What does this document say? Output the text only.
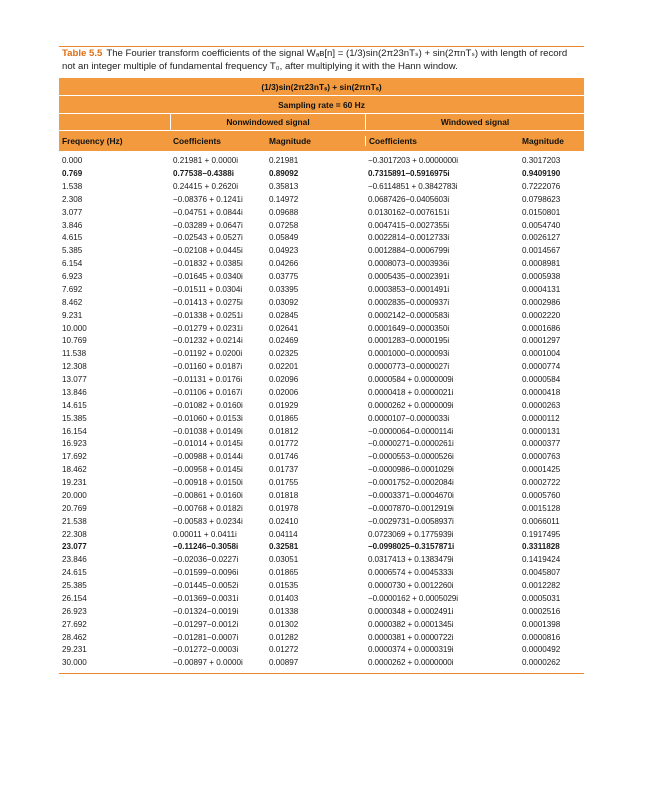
Table 5.5 The Fourier transform coefficients of the signal Wₐʙ[n] = (1/3)sin(2π23nTₛ) + sin(2πnTₛ) with length of record not an integer multiple of fundamental frequency T₀, after multiplying it with the Hann window.
(1/3)sin(2π23nTₛ) + sin(2πnTₛ)
Sampling rate = 60 Hz
Nonwindowed signal	Windowed signal
Frequency (Hz)	Coefficients	Magnitude	Coefficients	Magnitude
0.000	0.21981 + 0.0000i	0.21981	−0.3017203 + 0.0000000i	0.3017203
0.769	0.77538−0.4388i	0.89092	0.7315891−0.5916975i	0.9409190
1.538	0.24415 + 0.2620i	0.35813	−0.6114851 + 0.3842783i	0.7222076
2.308	−0.08376 + 0.1241i	0.14972	0.0687426−0.0405603i	0.0798623
3.077	−0.04751 + 0.0844i	0.09688	0.0130162−0.0076151i	0.0150801
3.846	−0.03289 + 0.0647i	0.07258	0.0047415−0.0027355i	0.0054740
4.615	−0.02543 + 0.0527i	0.05849	0.0022814−0.0012733i	0.0026127
5.385	−0.02108 + 0.0445i	0.04923	0.0012884−0.0006799i	0.0014567
6.154	−0.01832 + 0.0385i	0.04266	0.0008073−0.0003936i	0.0008981
6.923	−0.01645 + 0.0340i	0.03775	0.0005435−0.0002391i	0.0005938
7.692	−0.01511 + 0.0304i	0.03395	0.0003853−0.0001491i	0.0004131
8.462	−0.01413 + 0.0275i	0.03092	0.0002835−0.0000937i	0.0002986
9.231	−0.01338 + 0.0251i	0.02845	0.0002142−0.0000583i	0.0002220
10.000	−0.01279 + 0.0231i	0.02641	0.0001649−0.0000350i	0.0001686
10.769	−0.01232 + 0.0214i	0.02469	0.0001283−0.0000195i	0.0001297
11.538	−0.01192 + 0.0200i	0.02325	0.0001000−0.0000093i	0.0001004
12.308	−0.01160 + 0.0187i	0.02201	0.0000773−0.0000027i	0.0000774
13.077	−0.01131 + 0.0176i	0.02096	0.0000584 + 0.0000009i	0.0000584
13.846	−0.01106 + 0.0167i	0.02006	0.0000418 + 0.0000021i	0.0000418
14.615	−0.01082 + 0.0160i	0.01929	0.0000262 + 0.0000009i	0.0000263
15.385	−0.01060 + 0.0153i	0.01865	0.0000107−0.0000033i	0.0000112
16.154	−0.01038 + 0.0149i	0.01812	−0.0000064−0.0000114i	0.0000131
16.923	−0.01014 + 0.0145i	0.01772	−0.0000271−0.0000261i	0.0000377
17.692	−0.00988 + 0.0144i	0.01746	−0.0000553−0.0000526i	0.0000763
18.462	−0.00958 + 0.0145i	0.01737	−0.0000986−0.0001029i	0.0001425
19.231	−0.00918 + 0.0150i	0.01755	−0.0001752−0.0002084i	0.0002722
20.000	−0.00861 + 0.0160i	0.01818	−0.0003371−0.0004670i	0.0005760
20.769	−0.00768 + 0.0182i	0.01978	−0.0007870−0.0012919i	0.0015128
21.538	−0.00583 + 0.0234i	0.02410	−0.0029731−0.0058937i	0.0066011
22.308	0.00011 + 0.0411i	0.04114	0.0723069 + 0.1775939i	0.1917495
23.077	−0.11246−0.3058i	0.32581	−0.0998025−0.3157871i	0.3311828
23.846	−0.02036−0.0227i	0.03051	0.0317413 + 0.1383479i	0.1419424
24.615	−0.01599−0.0096i	0.01865	0.0006574 + 0.0045333i	0.0045807
25.385	−0.01445−0.0052i	0.01535	0.0000730 + 0.0012260i	0.0012282
26.154	−0.01369−0.0031i	0.01403	−0.0000162 + 0.0005029i	0.0005031
26.923	−0.01324−0.0019i	0.01338	0.0000348 + 0.0002491i	0.0002516
27.692	−0.01297−0.0012i	0.01302	0.0000382 + 0.0001345i	0.0001398
28.462	−0.01281−0.0007i	0.01282	0.0000381 + 0.0000722i	0.0000816
29.231	−0.01272−0.0003i	0.01272	0.0000374 + 0.0000319i	0.0000492
30.000	−0.00897 + 0.0000i	0.00897	0.0000262 + 0.0000000i	0.0000262
